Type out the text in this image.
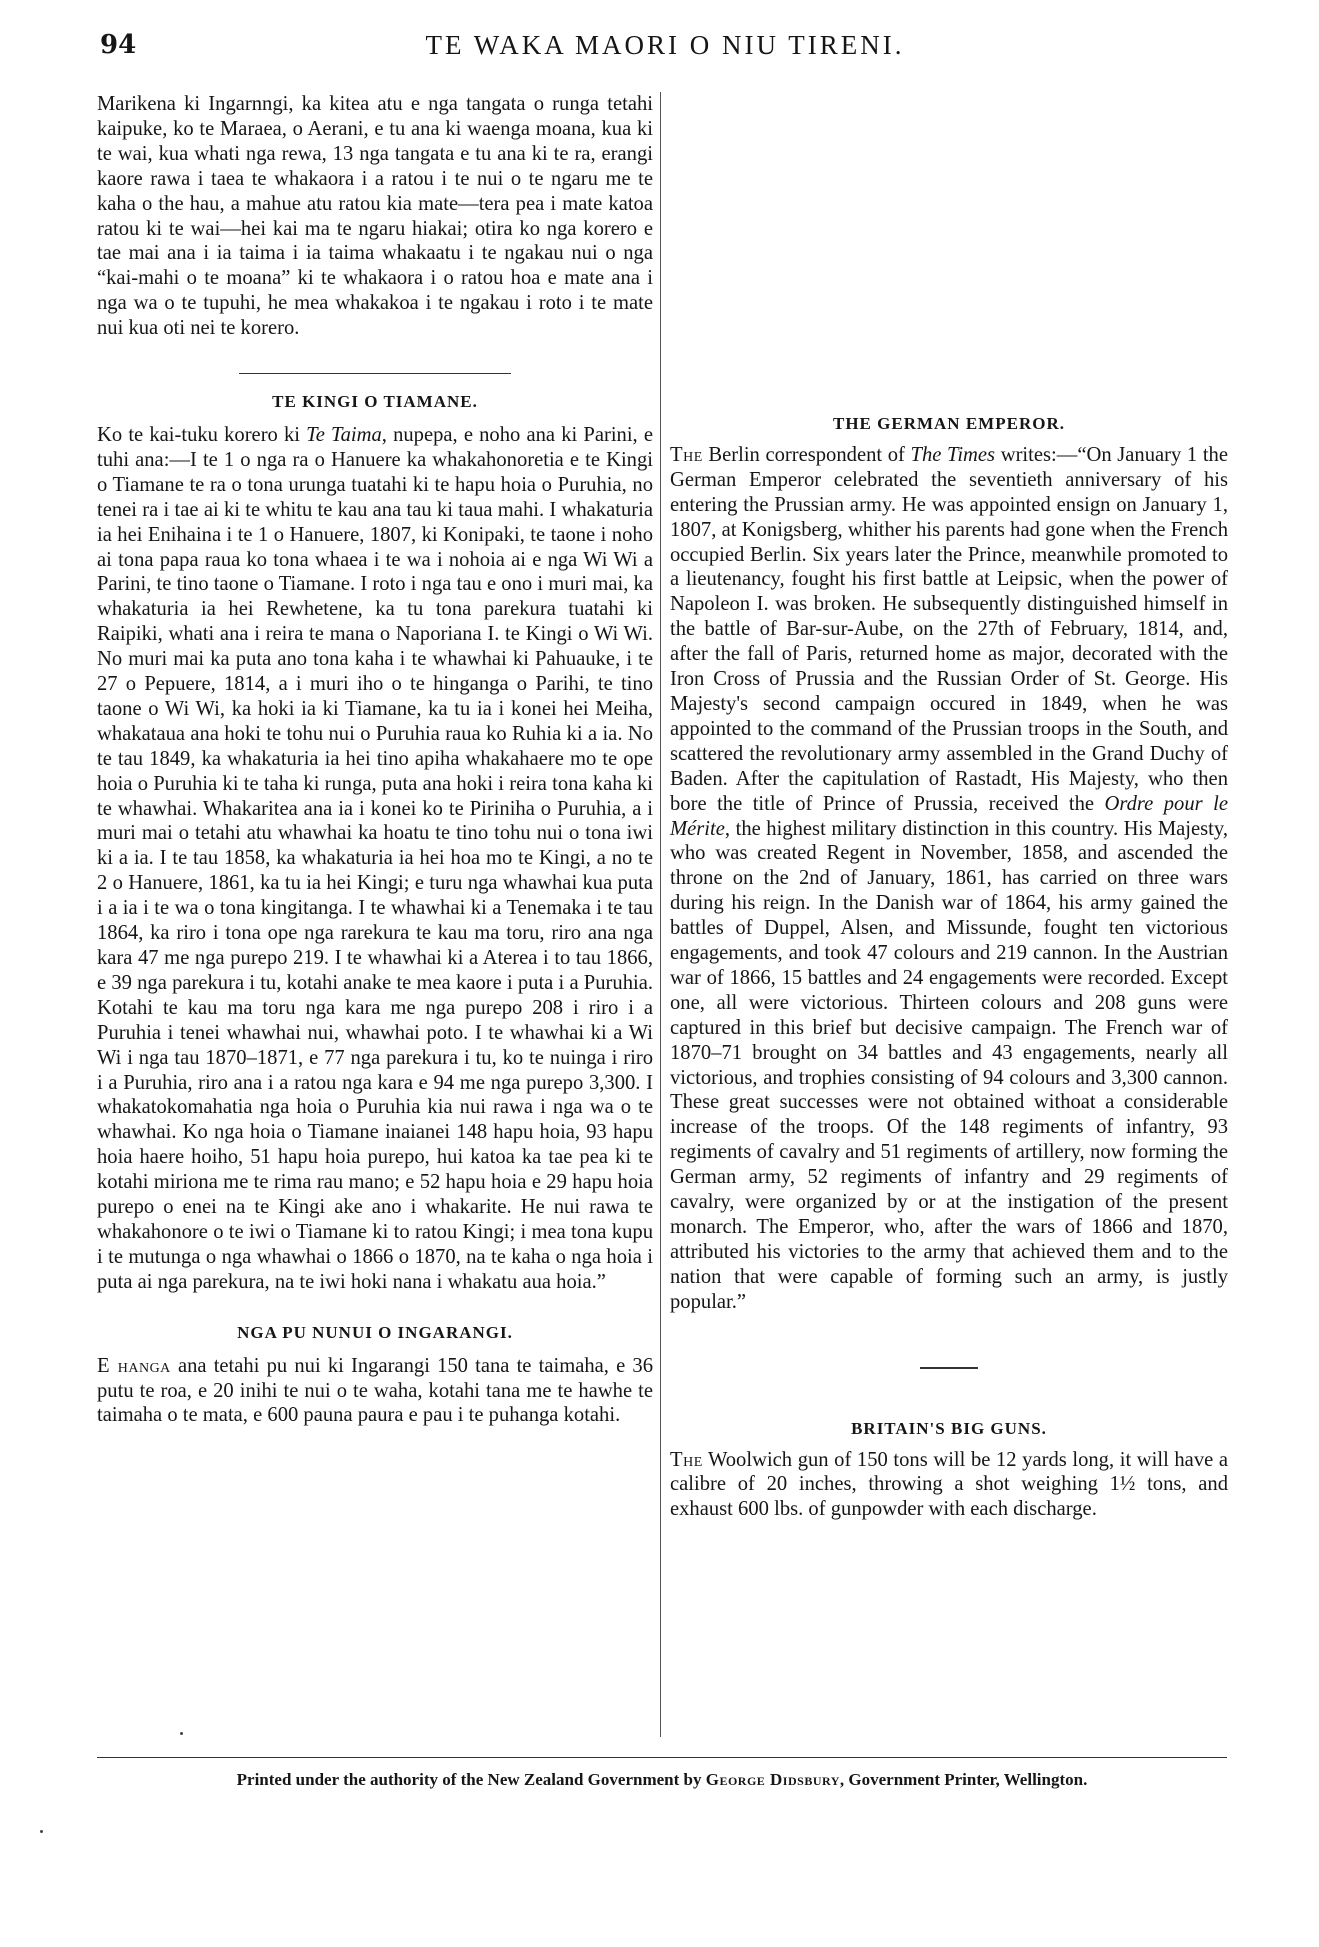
94	TE WAKA MAORI O NIU TIRENI.

Marikena ki Ingarnngi, ka kitea atu e nga tangata o runga tetahi kaipuke, ko te Maraea, o Aerani, e tu ana ki waenga moana, kua ki te wai, kua whati nga rewa, 13 nga tangata e tu ana ki te ra, erangi kaore rawa i taea te whakaora i a ratou i te nui o te ngaru me te kaha o the hau, a mahue atu ratou kia mate—tera pea i mate katoa ratou ki te wai—hei kai ma te ngaru hiakai; otira ko nga korero e tae mai ana i ia taima i ia taima whakaatu i te ngakau nui o nga “kai-mahi o te moana” ki te whakaora i o ratou hoa e mate ana i nga wa o te tupuhi, he mea whakakoa i te ngakau i roto i te mate nui kua oti nei te korero.

TE KINGI O TIAMANE.

Ko te kai-tuku korero ki Te Taima, nupepa, e noho ana ki Parini, e tuhi ana:—I te 1 o nga ra o Hanuere ka whakahonoretia e te Kingi o Tiamane te ra o tona urunga tuatahi ki te hapu hoia o Puruhia, no tenei ra i tae ai ki te whitu te kau ana tau ki taua mahi. I whakaturia ia hei Enihaina i te 1 o Hanuere, 1807, ki Konipaki, te taone i noho ai tona papa raua ko tona whaea i te wa i nohoia ai e nga Wi Wi a Parini, te tino taone o Tiamane. I roto i nga tau e ono i muri mai, ka whakaturia ia hei Rewhetene, ka tu tona parekura tuatahi ki Raipiki, whati ana i reira te mana o Naporiana I. te Kingi o Wi Wi. No muri mai ka puta ano tona kaha i te whawhai ki Pahuauke, i te 27 o Pepuere, 1814, a i muri iho o te hinganga o Parihi, te tino taone o Wi Wi, ka hoki ia ki Tiamane, ka tu ia i konei hei Meiha, whakataua ana hoki te tohu nui o Puruhia raua ko Ruhia ki a ia. No te tau 1849, ka whakaturia ia hei tino apiha whakahaere mo te ope hoia o Puruhia ki te taha ki runga, puta ana hoki i reira tona kaha ki te whawhai. Whakaritea ana ia i konei ko te Piriniha o Puruhia, a i muri mai o tetahi atu whawhai ka hoatu te tino tohu nui o tona iwi ki a ia. I te tau 1858, ka whakaturia ia hei hoa mo te Kingi, a no te 2 o Hanuere, 1861, ka tu ia hei Kingi; e turu nga whawhai kua puta i a ia i te wa o tona kingitanga. I te whawhai ki a Tenemaka i te tau 1864, ka riro i tona ope nga rarekura te kau ma toru, riro ana nga kara 47 me nga purepo 219. I te whawhai ki a Aterea i to tau 1866, e 39 nga parekura i tu, kotahi anake te mea kaore i puta i a Puruhia. Kotahi te kau ma toru nga kara me nga purepo 208 i riro i a Puruhia i tenei whawhai nui, whawhai poto. I te whawhai ki a Wi Wi i nga tau 1870–1871, e 77 nga parekura i tu, ko te nuinga i riro i a Puruhia, riro ana i a ratou nga kara e 94 me nga purepo 3,300. I whakatokomahatia nga hoia o Puruhia kia nui rawa i nga wa o te whawhai. Ko nga hoia o Tiamane inaianei 148 hapu hoia, 93 hapu hoia haere hoiho, 51 hapu hoia purepo, hui katoa ka tae pea ki te kotahi miriona me te rima rau mano; e 52 hapu hoia e 29 hapu hoia purepo o enei na te Kingi ake ano i whakarite. He nui rawa te whakahonore o te iwi o Tiamane ki to ratou Kingi; i mea tona kupu i te mutunga o nga whawhai o 1866 o 1870, na te kaha o nga hoia i puta ai nga parekura, na te iwi hoki nana i whakatu aua hoia.”

NGA PU NUNUI O INGARANGI.

E hanga ana tetahi pu nui ki Ingarangi 150 tana te taimaha, e 36 putu te roa, e 20 inihi te nui o te waha, kotahi tana me te hawhe te taimaha o te mata, e 600 pauna paura e pau i te puhanga kotahi.

THE GERMAN EMPEROR.

The Berlin correspondent of The Times writes:—“On January 1 the German Emperor celebrated the seventieth anniversary of his entering the Prussian army. He was appointed ensign on January 1, 1807, at Konigsberg, whither his parents had gone when the French occupied Berlin. Six years later the Prince, meanwhile promoted to a lieutenancy, fought his first battle at Leipsic, when the power of Napoleon I. was broken. He subsequently distinguished himself in the battle of Bar-sur-Aube, on the 27th of February, 1814, and, after the fall of Paris, returned home as major, decorated with the Iron Cross of Prussia and the Russian Order of St. George. His Majesty's second campaign occured in 1849, when he was appointed to the command of the Prussian troops in the South, and scattered the revolutionary army assembled in the Grand Duchy of Baden. After the capitulation of Rastadt, His Majesty, who then bore the title of Prince of Prussia, received the Ordre pour le Mérite, the highest military distinction in this country. His Majesty, who was created Regent in November, 1858, and ascended the throne on the 2nd of January, 1861, has carried on three wars during his reign. In the Danish war of 1864, his army gained the battles of Duppel, Alsen, and Missunde, fought ten victorious engagements, and took 47 colours and 219 cannon. In the Austrian war of 1866, 15 battles and 24 engagements were recorded. Except one, all were victorious. Thirteen colours and 208 guns were captured in this brief but decisive campaign. The French war of 1870–71 brought on 34 battles and 43 engagements, nearly all victorious, and trophies consisting of 94 colours and 3,300 cannon. These great successes were not obtained withoat a considerable increase of the troops. Of the 148 regiments of infantry, 93 regiments of cavalry and 51 regiments of artillery, now forming the German army, 52 regiments of infantry and 29 regiments of cavalry, were organized by or at the instigation of the present monarch. The Emperor, who, after the wars of 1866 and 1870, attributed his victories to the army that achieved them and to the nation that were capable of forming such an army, is justly popular.”

BRITAIN'S BIG GUNS.

The Woolwich gun of 150 tons will be 12 yards long, it will have a calibre of 20 inches, throwing a shot weighing 1½ tons, and exhaust 600 lbs. of gunpowder with each discharge.

Printed under the authority of the New Zealand Government by George Didsbury, Government Printer, Wellington.
